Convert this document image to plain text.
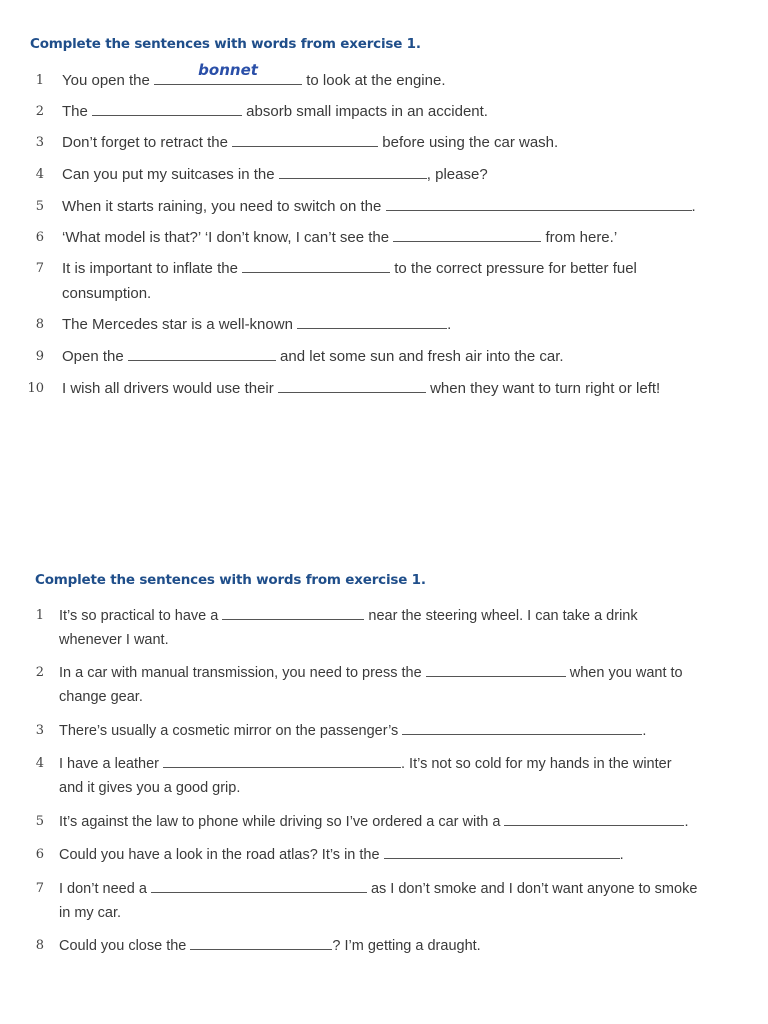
Complete the sentences with words from exercise 1.
1 You open the
bonnet
to look at the engine.
2 The	absorb small impacts in an accident.
3 Don’t forget to retract the	before using the car wash.
4 Can you put my suitcases in the	, please?
5 When it starts raining, you need to switch on the	.
6 ‘What model is that?’ ‘I don’t know, I can’t see the	from here.’
7 It is important to inflate the	to the correct pressure for better fuel
consumption.
8 The Mercedes star is a well-known	.
9 Open the	and let some sun and fresh air into the car.
10 I wish all drivers would use their	when they want to turn right or left!
Complete the sentences with words from exercise 1.
1 It’s so practical to have a	near the steering wheel. I can take a drink
whenever I want.
2 In a car with manual transmission, you need to press the	when you want to
change gear.
3 There’s usually a cosmetic mirror on the passenger’s	.
4 I have a leather	. It’s not so cold for my hands in the winter
and it gives you a good grip.
5 It’s against the law to phone while driving so I’ve ordered a car with a	.
6 Could you have a look in the road atlas? It’s in the	.
7 I don’t need a	as I don’t smoke and I don’t want anyone to smoke
in my car.
8 Could you close the	? I’m getting a draught.
